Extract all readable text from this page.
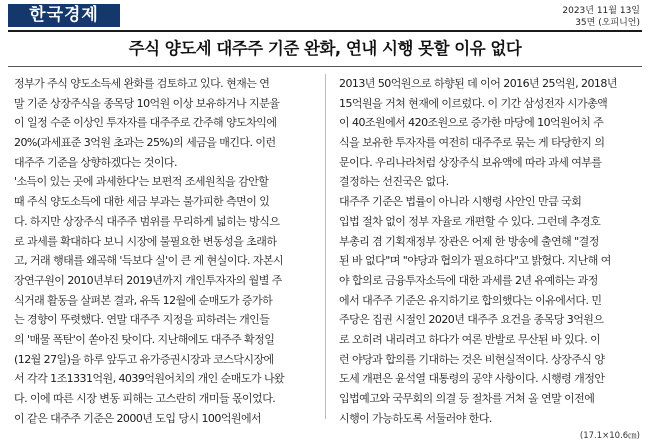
한국경제	2023년 11월 13일
35면 (오피니언)
주식 양도세 대주주 기준 완화, 연내 시행 못할 이유 없다
정부가 주식 양도소득세 완화를 검토하고 있다. 현재는 연
말 기준 상장주식을 종목당 10억원 이상 보유하거나 지분율
이 일정 수준 이상인 투자자를 대주주로 간주해 양도차익에
20%(과세표준 3억원 초과는 25%)의 세금을 매긴다. 이런
대주주 기준을 상향하겠다는 것이다.
'소득이 있는 곳에 과세한다'는 보편적 조세원칙을 감안할
때 주식 양도소득에 대한 세금 부과는 불가피한 측면이 있
다. 하지만 상장주식 대주주 범위를 무리하게 넓히는 방식으
로 과세를 확대하다 보니 시장에 불필요한 변동성을 초래하
고, 거래 행태를 왜곡해 '득보다 실'이 큰 게 현실이다. 자본시
장연구원이 2010년부터 2019년까지 개인투자자의 월별 주
식거래 활동을 살펴본 결과, 유독 12월에 순매도가 증가하
는 경향이 뚜렷했다. 연말 대주주 지정을 피하려는 개인들
의 '매물 폭탄'이 쏟아진 탓이다. 지난해에도 대주주 확정일
(12월 27일)을 하루 앞두고 유가증권시장과 코스닥시장에
서 각각 1조1331억원, 4039억원어치의 개인 순매도가 나왔
다. 이에 따른 시장 변동 피해는 고스란히 개미들 몫이었다.
이 같은 대주주 기준은 2000년 도입 당시 100억원에서
2013년 50억원으로 하향된 데 이어 2016년 25억원, 2018년
15억원을 거쳐 현재에 이르렀다. 이 기간 삼성전자 시가총액
이 40조원에서 420조원으로 증가한 마당에 10억원어치 주
식을 보유한 투자자를 여전히 대주주로 묶는 게 타당한지 의
문이다. 우리나라처럼 상장주식 보유액에 따라 과세 여부를
결정하는 선진국은 없다.
대주주 기준은 법률이 아니라 시행령 사안인 만큼 국회
입법 절차 없이 정부 자율로 개편할 수 있다. 그런데 추경호
부총리 겸 기획재정부 장관은 어제 한 방송에 출연해 "결정
된 바 없다"며 "야당과 협의가 필요하다"고 밝혔다. 지난해 여
야 합의로 금융투자소득에 대한 과세를 2년 유예하는 과정
에서 대주주 기준은 유지하기로 합의했다는 이유에서다. 민
주당은 집권 시절인 2020년 대주주 요건을 종목당 3억원으
로 오히려 내리려고 하다가 여론 반발로 무산된 바 있다. 이
런 야당과 합의를 기대하는 것은 비현실적이다. 상장주식 양
도세 개편은 윤석열 대통령의 공약 사항이다. 시행령 개정안
입법예고와 국무회의 의결 등 절차를 거쳐 올 연말 이전에
시행이 가능하도록 서둘러야 한다.
(17.1×10.6㎝)
